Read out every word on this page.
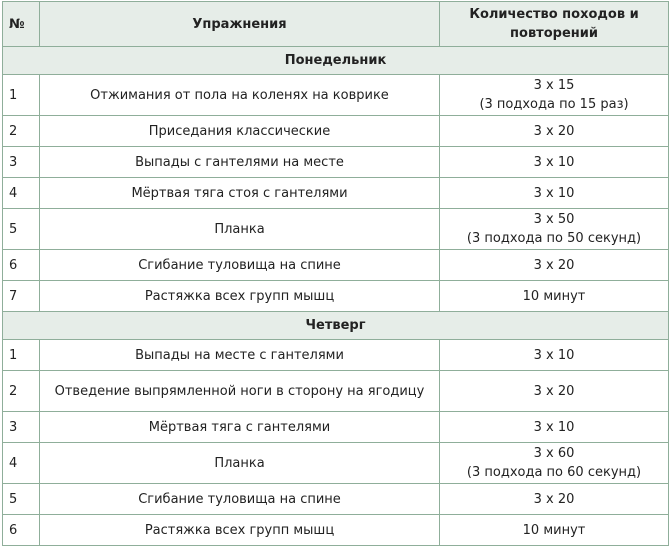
№	Упражнения	Количество походов и повторений
Понедельник		
1	Отжимания от пола на коленях на коврике	3 х 15
(3 подхода по 15 раз)

2	Приседания классические	3 х 20
3	Выпады с гантелями на месте	3 х 10
4	Мёртвая тяга стоя с гантелями	3 х 10
5	Планка	3 х 50
(3 подхода по 50 секунд)

6	Сгибание туловища на спине	3 х 20
7	Растяжка всех групп мышц	10 минут
Четверг		
1	Выпады на месте с гантелями	3 х 10
2	Отведение выпрямленной ноги в сторону на ягодицу	3 х 20
3	Мёртвая тяга с гантелями	3 х 10
4	Планка	3 х 60
(3 подхода по 60 секунд)

5	Сгибание туловища на спине	3 х 20
6	Растяжка всех групп мышц	10 минут
